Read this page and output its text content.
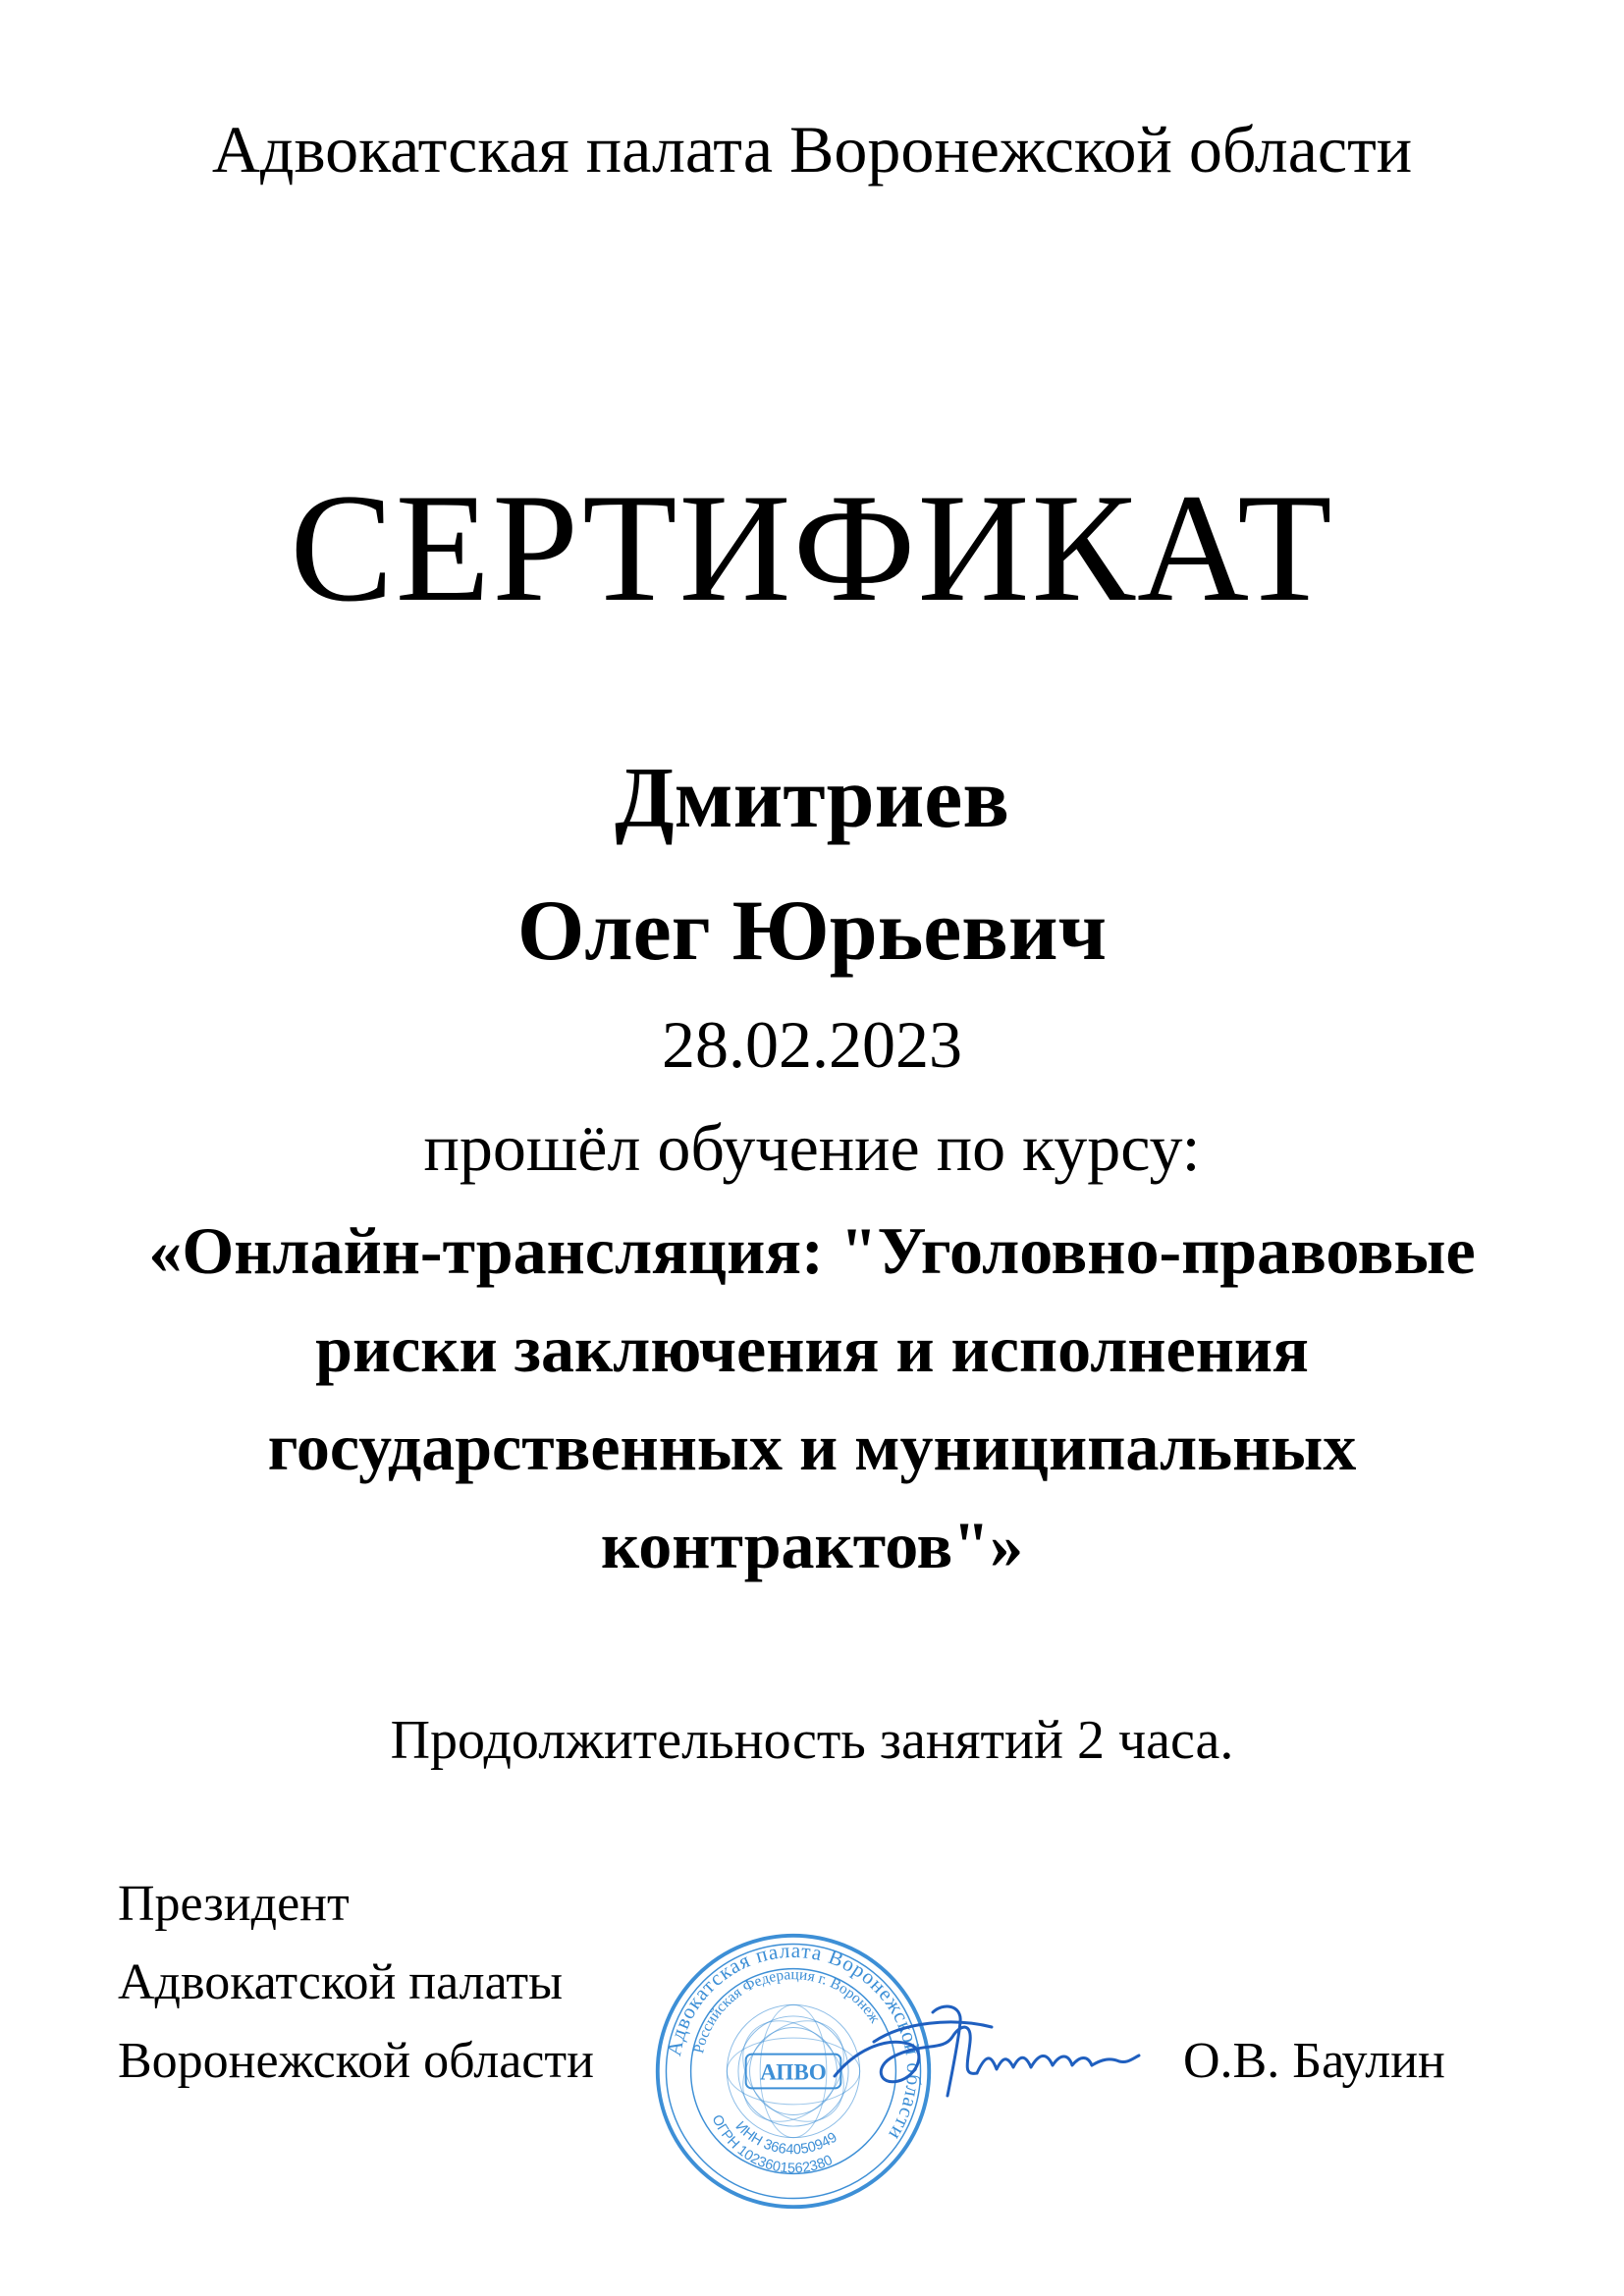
Адвокатская палата Воронежской области
СЕРТИФИКАТ
Дмитриев
Олег Юрьевич
28.02.2023
прошёл обучение по курсу:
«Онлайн-трансляция: "Уголовно-правовые
риски заключения и исполнения
государственных и муниципальных
контрактов"»
Продолжительность занятий 2 часа.
Президент
Адвокатской палаты
Воронежской области	Адвокатская палата Воронежской области
Российская Федерация г. Воронеж
АПВО
ОГРН 1023601562380
ИНН 3664050949
О.В. Баулин
